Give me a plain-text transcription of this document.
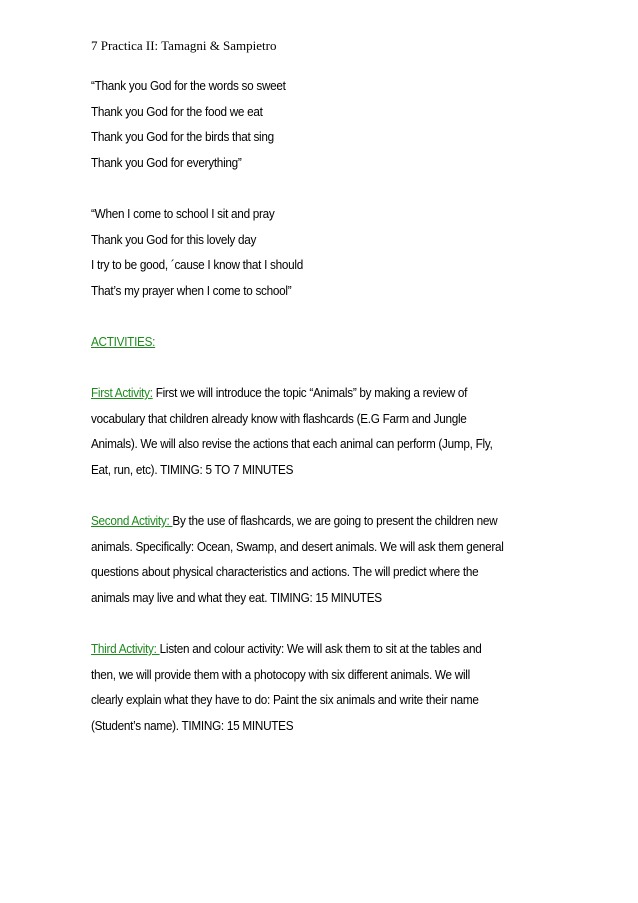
7 Practica II: Tamagni & Sampietro
“Thank you God for the words so sweet
Thank you God for the food we eat
Thank you God for the birds that sing
Thank you God for everything”
“When I come to school I sit and pray
Thank you God for this lovely day
I try to be good, ´cause I know that I should
That’s my prayer when I come to school”
ACTIVITIES:
First Activity: First we will introduce the topic “Animals” by making a review of
vocabulary that children already know with flashcards (E.G Farm and Jungle
Animals). We will also revise the actions that each animal can perform (Jump, Fly,
Eat, run, etc). TIMING: 5 TO 7 MINUTES
Second Activity: By the use of flashcards, we are going to present the children new
animals. Specifically: Ocean, Swamp, and desert animals. We will ask them general
questions about physical characteristics and actions. The will predict where the
animals may live and what they eat. TIMING: 15 MINUTES
Third Activity: Listen and colour activity: We will ask them to sit at the tables and
then, we will provide them with a photocopy with six different animals. We will
clearly explain what they have to do: Paint the six animals and write their name
(Student’s name). TIMING: 15 MINUTES
